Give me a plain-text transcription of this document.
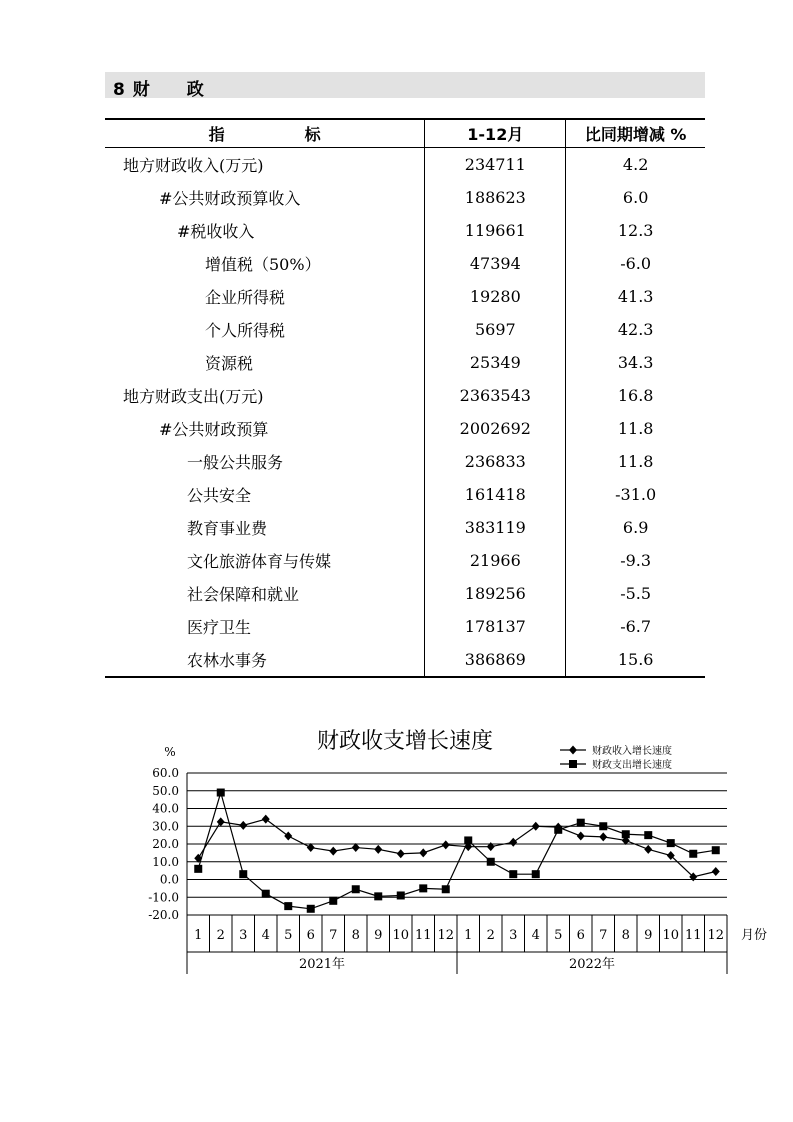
8 财　　政
指　　　　　标	1-12月	比同期增减 %
地方财政收入(万元)	234711	4.2
#公共财政预算收入	188623	6.0
#税收收入	119661	12.3
增值税（50%）	47394	-6.0
企业所得税	19280	41.3
个人所得税	5697	42.3
资源税	25349	34.3
地方财政支出(万元)	2363543	16.8
#公共财政预算	2002692	11.8
一般公共服务	236833	11.8
公共安全	161418	-31.0
教育事业费	383119	6.9
文化旅游体育与传媒	21966	-9.3
社会保障和就业	189256	-5.5
医疗卫生	178137	-6.7
农林水事务	386869	15.6
财政收支增长速度
%
60.0
50.0
40.0
30.0
20.0
10.0
0.0
-10.0
-20.0
1 2 3 4 5 6 7 8 9 10 11 12 1 2 3 4 5 6 7 8 9 10 11 12
2021年	2022年
月份
财政收入增长速度
财政支出增长速度
